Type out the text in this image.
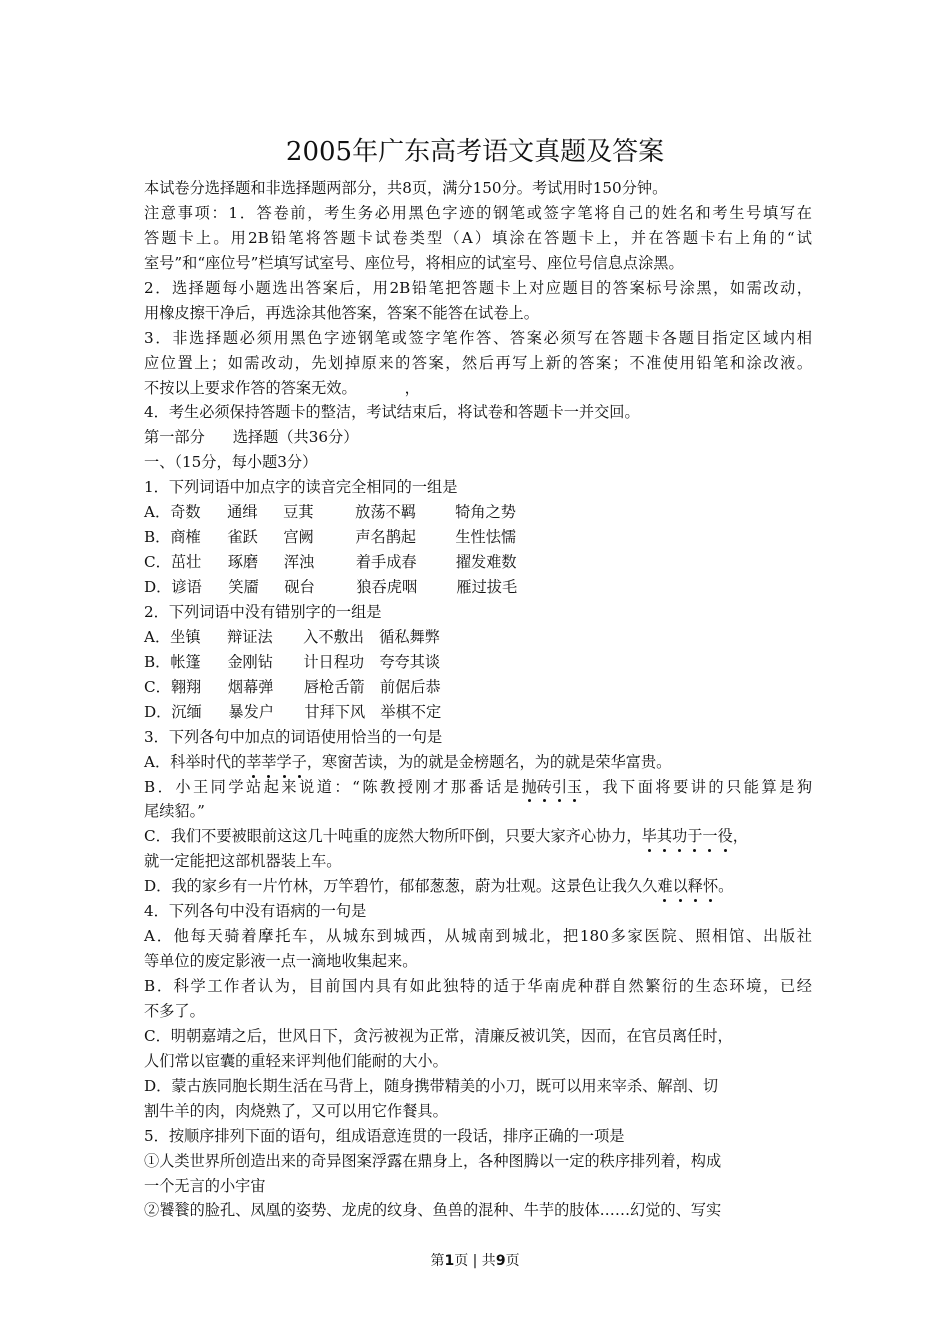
2005年广东高考语文真题及答案
本试卷分选择题和非选择题两部分，共8页，满分150分。考试用时150分钟。
注意事项：1．答卷前，考生务必用黑色字迹的钢笔或签字笔将自己的姓名和考生号填写在
答题卡上。用2B铅笔将答题卡试卷类型（A）填涂在答题卡上，并在答题卡右上角的“试
室号”和“座位号”栏填写试室号、座位号，将相应的试室号、座位号信息点涂黑。
2．选择题每小题选出答案后，用2B铅笔把答题卡上对应题目的答案标号涂黑，如需改动，
用橡皮擦干净后，再选涂其他答案，答案不能答在试卷上。
3．非选择题必须用黑色字迹钢笔或签字笔作答、答案必须写在答题卡各题目指定区域内相
应位置上；如需改动，先划掉原来的答案，然后再写上新的答案；不准使用铅笔和涂改液。
不按以上要求作答的答案无效。	，
4．考生必须保持答题卡的整洁，考试结束后，将试卷和答题卡一并交回。
第一部分 选择题（共36分）
一、（15分，每小题3分）
1．下列词语中加点字的读音完全相同的一组是
A．奇数 通缉 豆萁	放荡不羁	犄角之势
B．商榷 雀跃 宫阙	声名鹊起	生性怯懦
C．茁壮 琢磨 浑浊	着手成春	擢发难数
D．谚语 笑靥 砚台	狼吞虎咽	雁过拔毛
2．下列词语中没有错别字的一组是
A．坐镇 辩证法 入不敷出 循私舞弊
B．帐篷 金刚钻 计日程功 夸夸其谈
C．翱翔 烟幕弹 唇枪舌箭 前倨后恭
D．沉缅 暴发户 甘拜下风 举棋不定
3．下列各句中加点的词语使用恰当的一句是
A．科举时代的莘莘学子，寒窗苦读，为的就是金榜题名，为的就是荣华富贵。
B．小王同学站起来说道：“陈教授刚才那番话是抛砖引玉，我下面将要讲的只能算是狗
尾续貂。”
C．我们不要被眼前这这几十吨重的庞然大物所吓倒，只要大家齐心协力，毕其功于一役，
就一定能把这部机器装上车。
D．我的家乡有一片竹林，万竿碧竹，郁郁葱葱，蔚为壮观。这景色让我久久难以释怀。
4．下列各句中没有语病的一句是
A．他每天骑着摩托车，从城东到城西，从城南到城北，把180多家医院、照相馆、出版社
等单位的废定影液一点一滴地收集起来。
B．科学工作者认为，目前国内具有如此独特的适于华南虎种群自然繁衍的生态环境，已经
不多了。
C．明朝嘉靖之后，世风日下，贪污被视为正常，清廉反被讥笑，因而，在官员离任时，
人们常以宦囊的重轻来评判他们能耐的大小。
D．蒙古族同胞长期生活在马背上，随身携带精美的小刀，既可以用来宰杀、解剖、切
割牛羊的肉，肉烧熟了，又可以用它作餐具。
5．按顺序排列下面的语句，组成语意连贯的一段话，排序正确的一项是
①人类世界所创造出来的奇异图案浮露在鼎身上，各种图腾以一定的秩序排列着，构成
一个无言的小宇宙
②饕餮的脸孔、凤凰的姿势、龙虎的纹身、鱼兽的混种、牛芋的肢体……幻觉的、写实
第1页 | 共9页
